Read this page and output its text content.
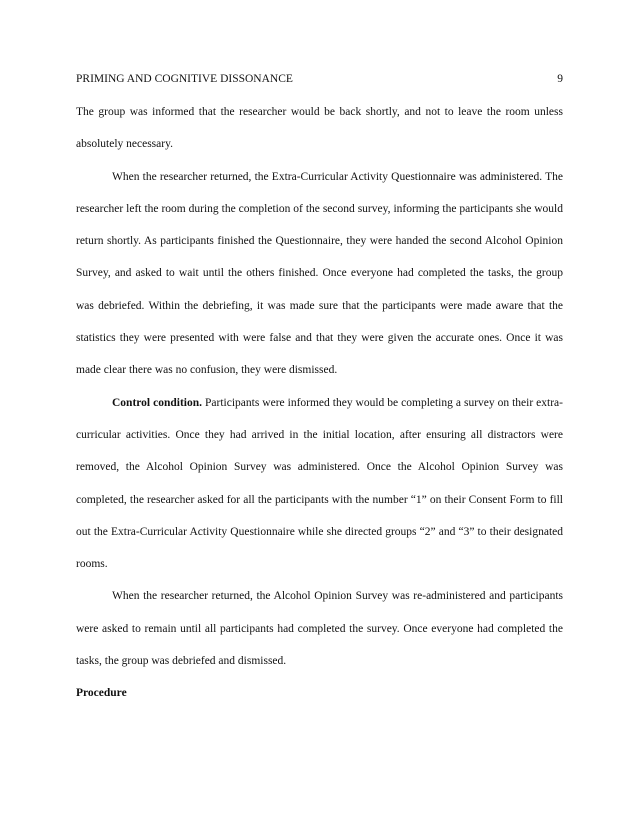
PRIMING AND COGNITIVE DISSONANCE	9

The group was informed that the researcher would be back shortly, and not to leave the room unless absolutely necessary.

When the researcher returned, the Extra-Curricular Activity Questionnaire was administered. The researcher left the room during the completion of the second survey, informing the participants she would return shortly. As participants finished the Questionnaire, they were handed the second Alcohol Opinion Survey, and asked to wait until the others finished. Once everyone had completed the tasks, the group was debriefed. Within the debriefing, it was made sure that the participants were made aware that the statistics they were presented with were false and that they were given the accurate ones. Once it was made clear there was no confusion, they were dismissed.

Control condition. Participants were informed they would be completing a survey on their extra-curricular activities. Once they had arrived in the initial location, after ensuring all distractors were removed, the Alcohol Opinion Survey was administered. Once the Alcohol Opinion Survey was completed, the researcher asked for all the participants with the number “1” on their Consent Form to fill out the Extra-Curricular Activity Questionnaire while she directed groups “2” and “3” to their designated rooms.

When the researcher returned, the Alcohol Opinion Survey was re-administered and participants were asked to remain until all participants had completed the survey. Once everyone had completed the tasks, the group was debriefed and dismissed.

Procedure
